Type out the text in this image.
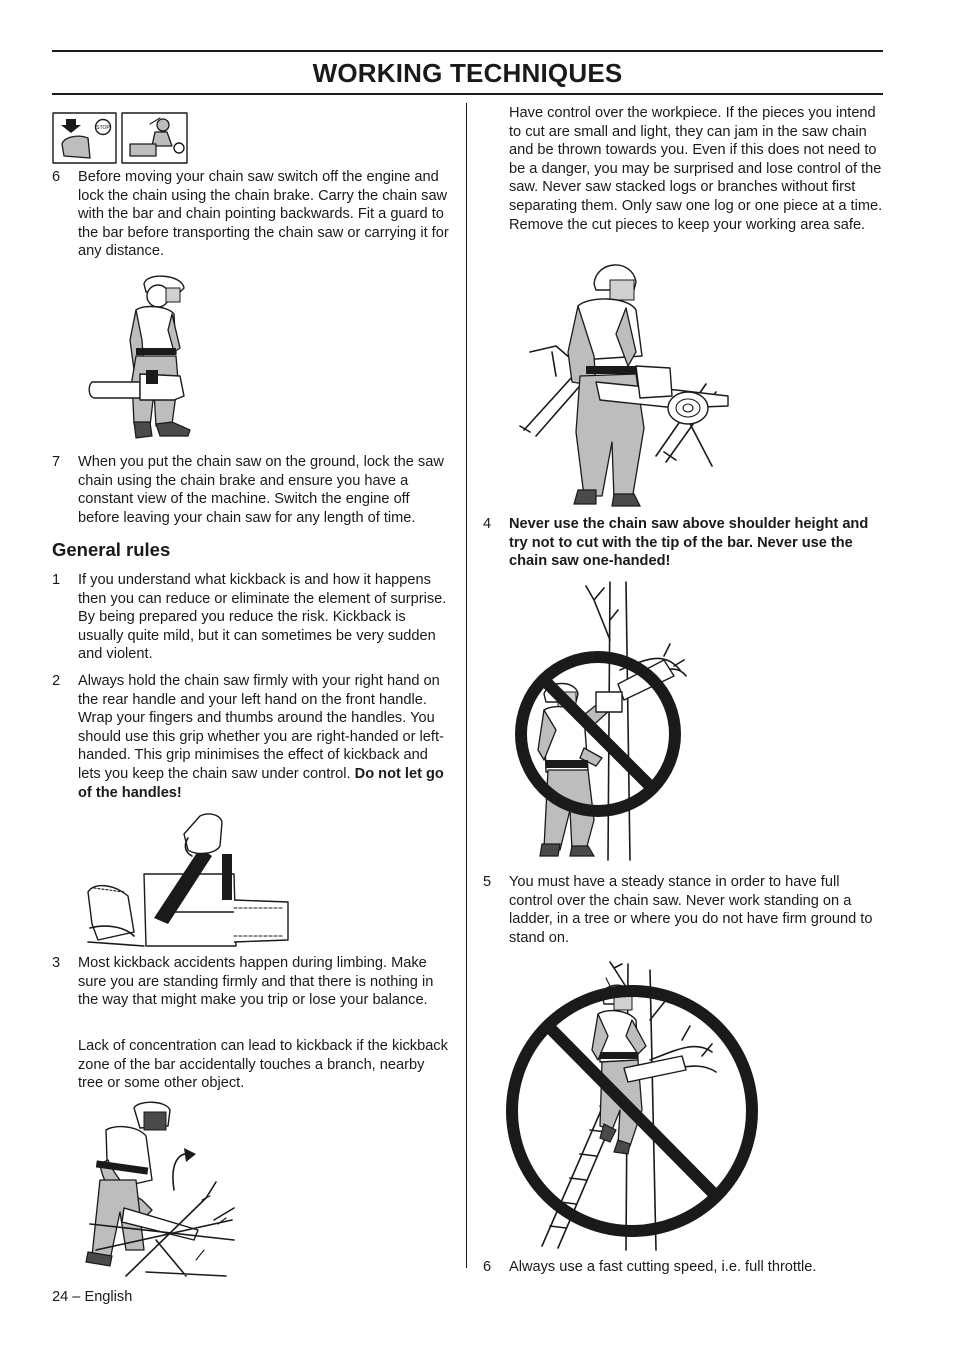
WORKING TECHNIQUES
STOP
6 Before moving your chain saw switch off the engine and lock the chain using the chain brake. Carry the chain saw with the bar and chain pointing backwards. Fit a guard to the bar before transporting the chain saw or carrying it for any distance.
7 When you put the chain saw on the ground, lock the saw chain using the chain brake and ensure you have a constant view of the machine. Switch the engine off before leaving your chain saw for any length of time.
General rules
1 If you understand what kickback is and how it happens then you can reduce or eliminate the element of surprise. By being prepared you reduce the risk. Kickback is usually quite mild, but it can sometimes be very sudden and violent.
2 Always hold the chain saw firmly with your right hand on the rear handle and your left hand on the front handle. Wrap your fingers and thumbs around the handles. You should use this grip whether you are right-handed or left-handed. This grip minimises the effect of kickback and lets you keep the chain saw under control. Do not let go of the handles!
3 Most kickback accidents happen during limbing. Make sure you are standing firmly and that there is nothing in the way that might make you trip or lose your balance.
Lack of concentration can lead to kickback if the kickback zone of the bar accidentally touches a branch, nearby tree or some other object.
24 – English
Have control over the workpiece. If the pieces you intend to cut are small and light, they can jam in the saw chain and be thrown towards you. Even if this does not need to be a danger, you may be surprised and lose control of the saw. Never saw stacked logs or branches without first separating them. Only saw one log or one piece at a time. Remove the cut pieces to keep your working area safe.
4 Never use the chain saw above shoulder height and try not to cut with the tip of the bar. Never use the chain saw one-handed!
5 You must have a steady stance in order to have full control over the chain saw. Never work standing on a ladder, in a tree or where you do not have firm ground to stand on.
6 Always use a fast cutting speed, i.e. full throttle.
